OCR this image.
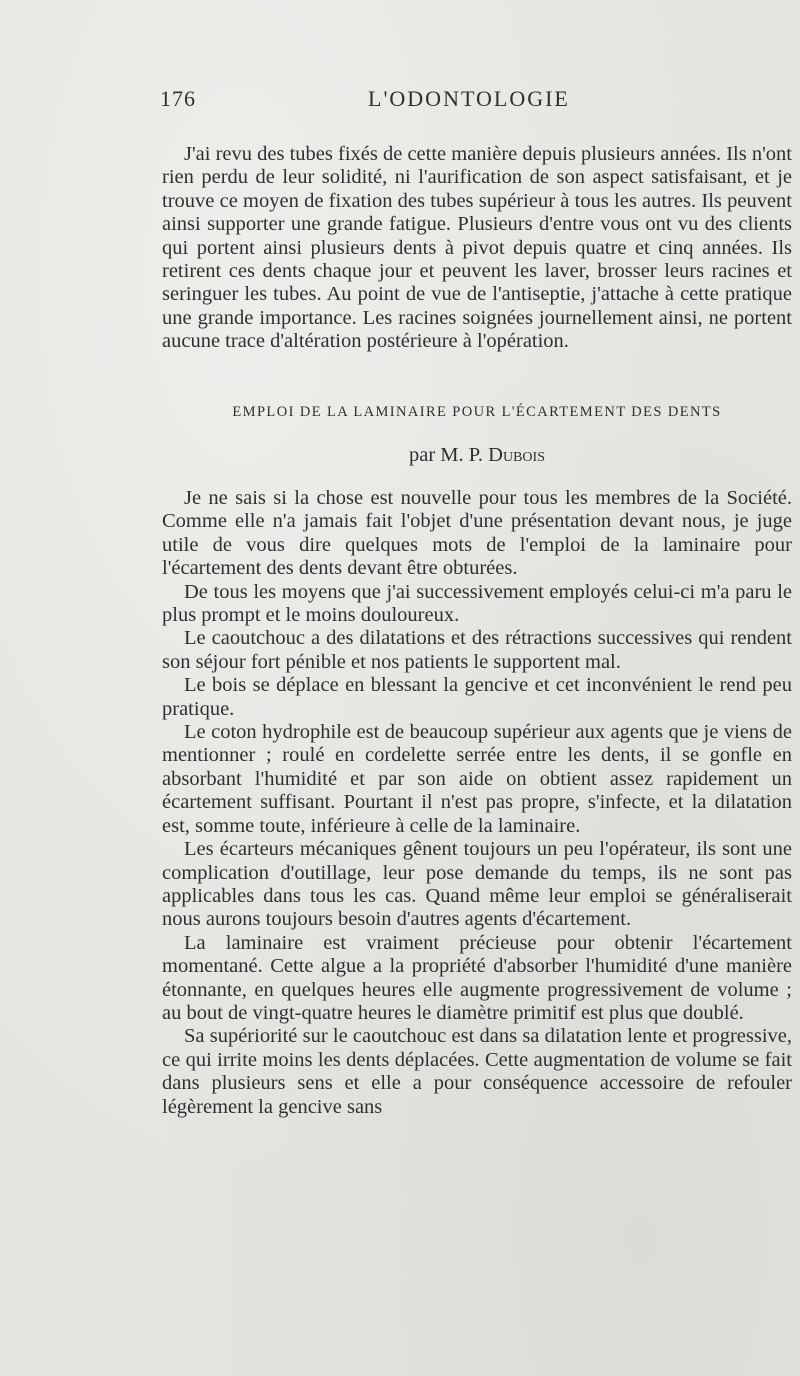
176	L'ODONTOLOGIE

J'ai revu des tubes fixés de cette manière depuis plusieurs années. Ils n'ont rien perdu de leur solidité, ni l'aurification de son aspect satisfaisant, et je trouve ce moyen de fixation des tubes supérieur à tous les autres. Ils peuvent ainsi supporter une grande fatigue. Plusieurs d'entre vous ont vu des clients qui portent ainsi plusieurs dents à pivot depuis quatre et cinq années. Ils retirent ces dents chaque jour et peuvent les laver, brosser leurs racines et seringuer les tubes. Au point de vue de l'antiseptie, j'attache à cette pratique une grande importance. Les racines soignées journellement ainsi, ne portent aucune trace d'altération postérieure à l'opération.

EMPLOI DE LA LAMINAIRE POUR L'ÉCARTEMENT DES DENTS
par M. P. Dubois

Je ne sais si la chose est nouvelle pour tous les membres de la Société. Comme elle n'a jamais fait l'objet d'une présentation devant nous, je juge utile de vous dire quelques mots de l'emploi de la laminaire pour l'écartement des dents devant être obturées.

De tous les moyens que j'ai successivement employés celui-ci m'a paru le plus prompt et le moins douloureux.

Le caoutchouc a des dilatations et des rétractions successives qui rendent son séjour fort pénible et nos patients le supportent mal.

Le bois se déplace en blessant la gencive et cet inconvénient le rend peu pratique.

Le coton hydrophile est de beaucoup supérieur aux agents que je viens de mentionner ; roulé en cordelette serrée entre les dents, il se gonfle en absorbant l'humidité et par son aide on obtient assez rapidement un écartement suffisant. Pourtant il n'est pas propre, s'infecte, et la dilatation est, somme toute, inférieure à celle de la laminaire.

Les écarteurs mécaniques gênent toujours un peu l'opérateur, ils sont une complication d'outillage, leur pose demande du temps, ils ne sont pas applicables dans tous les cas. Quand même leur emploi se généraliserait nous aurons toujours besoin d'autres agents d'écartement.

La laminaire est vraiment précieuse pour obtenir l'écartement momentané. Cette algue a la propriété d'absorber l'humidité d'une manière étonnante, en quelques heures elle augmente progressivement de volume ; au bout de vingt-quatre heures le diamètre primitif est plus que doublé.

Sa supériorité sur le caoutchouc est dans sa dilatation lente et progressive, ce qui irrite moins les dents déplacées. Cette augmentation de volume se fait dans plusieurs sens et elle a pour conséquence accessoire de refouler légèrement la gencive sans
